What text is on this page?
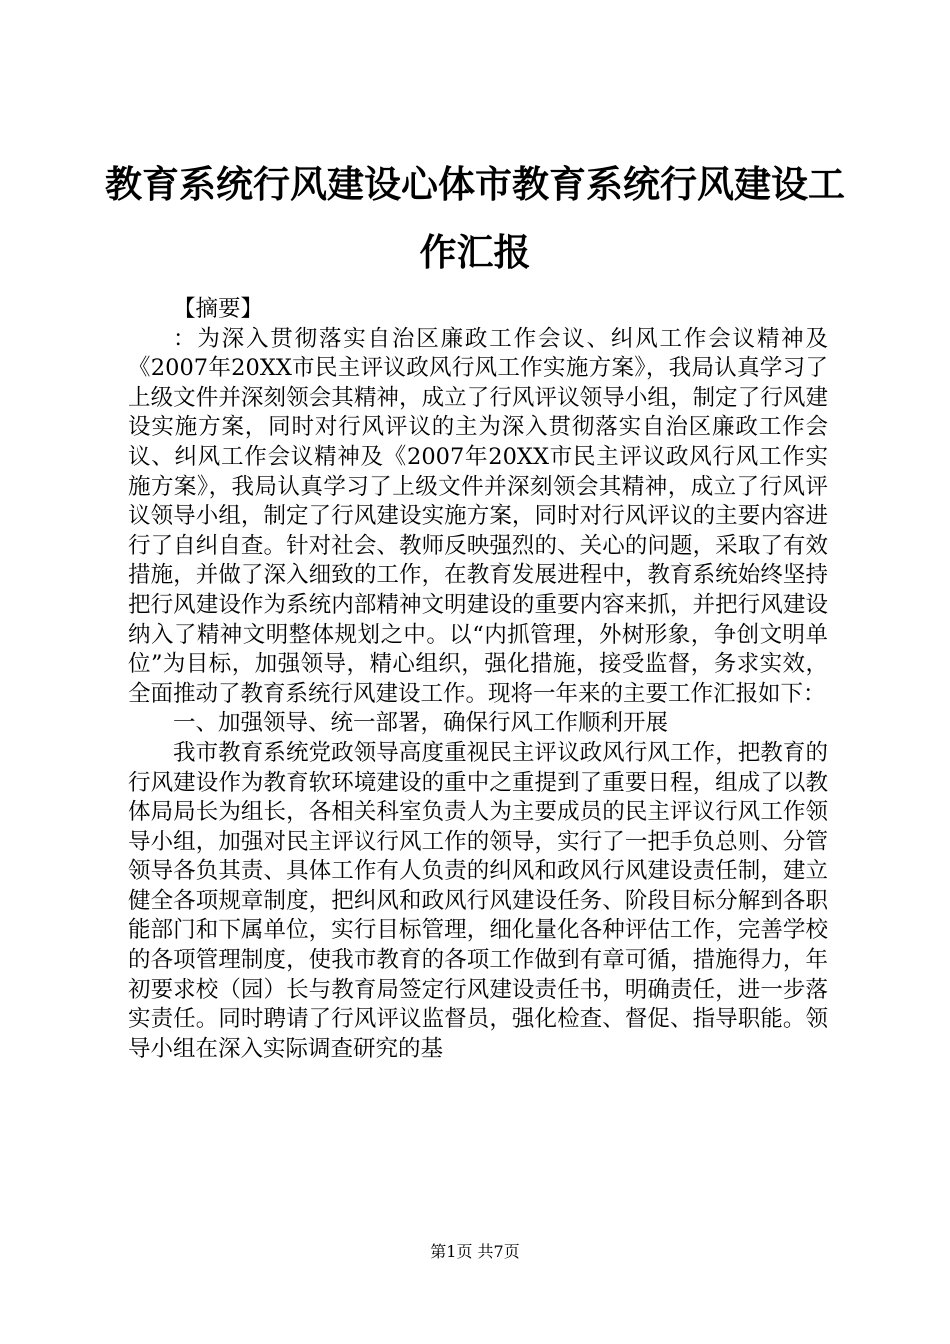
教育系统行风建设心体市教育系统行风建设工作汇报

【摘要】

：为深入贯彻落实自治区廉政工作会议、纠风工作会议精神及《2007年20XX市民主评议政风行风工作实施方案》，我局认真学习了上级文件并深刻领会其精神，成立了行风评议领导小组，制定了行风建设实施方案，同时对行风评议的主为深入贯彻落实自治区廉政工作会议、纠风工作会议精神及《2007年20XX市民主评议政风行风工作实施方案》，我局认真学习了上级文件并深刻领会其精神，成立了行风评议领导小组，制定了行风建设实施方案，同时对行风评议的主要内容进行了自纠自查。针对社会、教师反映强烈的、关心的问题，采取了有效措施，并做了深入细致的工作，在教育发展进程中，教育系统始终坚持把行风建设作为系统内部精神文明建设的重要内容来抓，并把行风建设纳入了精神文明整体规划之中。以“内抓管理，外树形象，争创文明单位”为目标，加强领导，精心组织，强化措施，接受监督，务求实效，全面推动了教育系统行风建设工作。现将一年来的主要工作汇报如下：

一、加强领导、统一部署，确保行风工作顺利开展

我市教育系统党政领导高度重视民主评议政风行风工作，把教育的行风建设作为教育软环境建设的重中之重提到了重要日程，组成了以教体局局长为组长，各相关科室负责人为主要成员的民主评议行风工作领导小组，加强对民主评议行风工作的领导，实行了一把手负总则、分管领导各负其责、具体工作有人负责的纠风和政风行风建设责任制，建立健全各项规章制度，把纠风和政风行风建设任务、阶段目标分解到各职能部门和下属单位，实行目标管理，细化量化各种评估工作，完善学校的各项管理制度，使我市教育的各项工作做到有章可循，措施得力，年初要求校（园）长与教育局签定行风建设责任书，明确责任，进一步落实责任。同时聘请了行风评议监督员，强化检查、督促、指导职能。领导小组在深入实际调查研究的基

第1页 共7页
